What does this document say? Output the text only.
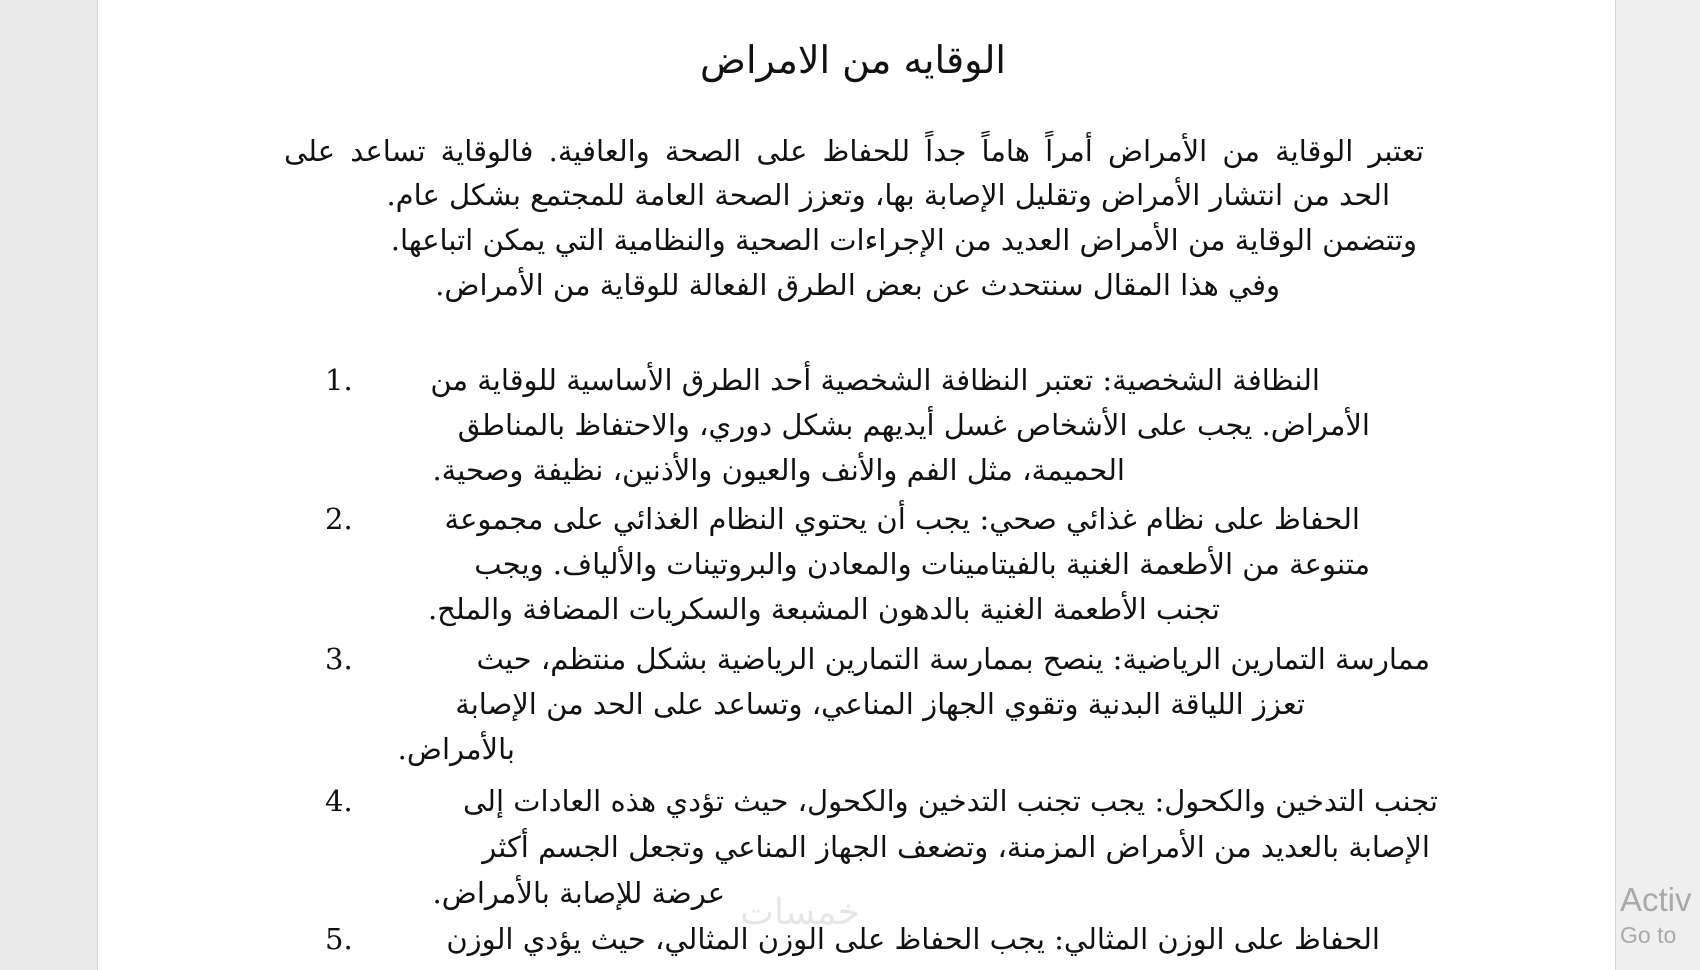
الوقايه من الامراض
تعتبر الوقاية من الأمراض أمراً هاماً جداً للحفاظ على الصحة والعافية. فالوقاية تساعد على
الحد من انتشار الأمراض وتقليل الإصابة بها، وتعزز الصحة العامة للمجتمع بشكل عام.
وتتضمن الوقاية من الأمراض العديد من الإجراءات الصحية والنظامية التي يمكن اتباعها.
وفي هذا المقال سنتحدث عن بعض الطرق الفعالة للوقاية من الأمراض.
1.	النظافة الشخصية: تعتبر النظافة الشخصية أحد الطرق الأساسية للوقاية من
الأمراض. يجب على الأشخاص غسل أيديهم بشكل دوري، والاحتفاظ بالمناطق
الحميمة، مثل الفم والأنف والعيون والأذنين، نظيفة وصحية.
2.	الحفاظ على نظام غذائي صحي: يجب أن يحتوي النظام الغذائي على مجموعة
متنوعة من الأطعمة الغنية بالفيتامينات والمعادن والبروتينات والألياف. ويجب
تجنب الأطعمة الغنية بالدهون المشبعة والسكريات المضافة والملح.
3.	ممارسة التمارين الرياضية: ينصح بممارسة التمارين الرياضية بشكل منتظم، حيث
تعزز اللياقة البدنية وتقوي الجهاز المناعي، وتساعد على الحد من الإصابة
بالأمراض.
4.	تجنب التدخين والكحول: يجب تجنب التدخين والكحول، حيث تؤدي هذه العادات إلى
الإصابة بالعديد من الأمراض المزمنة، وتضعف الجهاز المناعي وتجعل الجسم أكثر
عرضة للإصابة بالأمراض.
5.	الحفاظ على الوزن المثالي: يجب الحفاظ على الوزن المثالي، حيث يؤدي الوزن
خمسات	Activ
Go to
